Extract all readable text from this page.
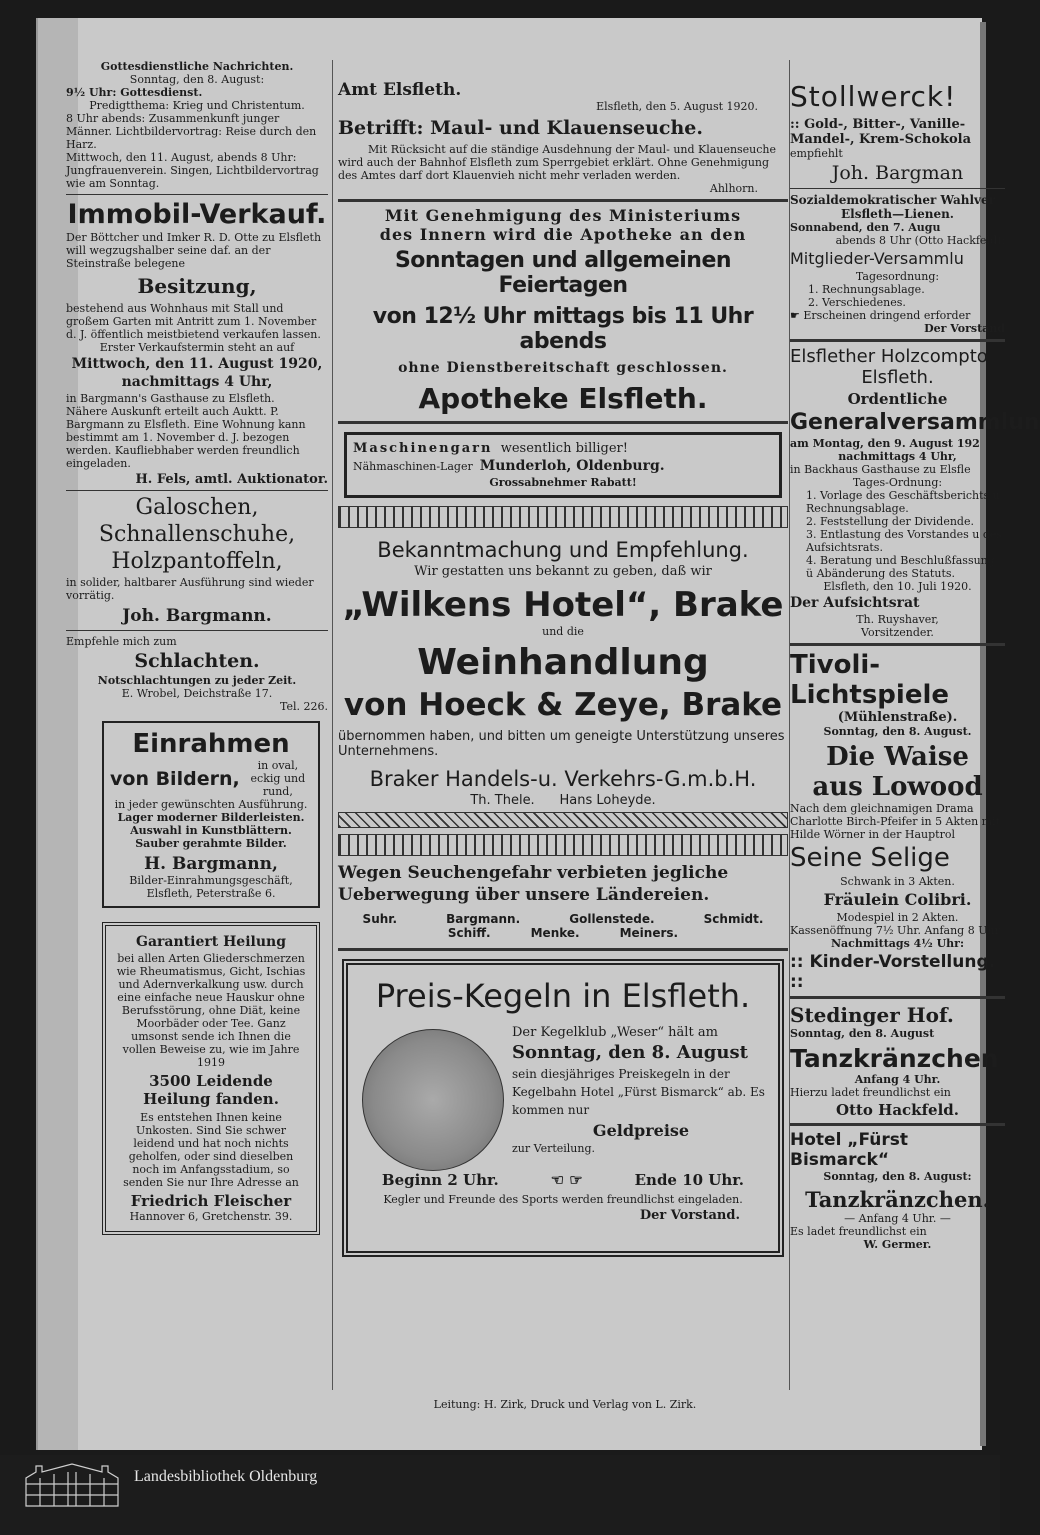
Gottesdienstliche Nachrichten.

Sonntag, den 8. August:

9½ Uhr: Gottesdienst.

Predigtthema: Krieg und Christentum.

8 Uhr abends: Zusammenkunft junger Männer. Lichtbildervortrag: Reise durch den Harz.

Mittwoch, den 11. August, abends 8 Uhr: Jungfrauenverein. Singen, Lichtbildervortrag wie am Sonntag.

Immobil-Verkauf.

Der Böttcher und Imker R. D. Otte zu Elsfleth will wegzugshalber seine daf. an der Steinstraße belegene

Besitzung,

bestehend aus Wohnhaus mit Stall und großem Garten mit Antritt zum 1. November d. J. öffentlich meistbietend verkaufen lassen.

Erster Verkaufstermin steht an auf

Mittwoch, den 11. August 1920,

nachmittags 4 Uhr,

in Bargmann's Gasthause zu Elsfleth.

Nähere Auskunft erteilt auch Auktt. P. Bargmann zu Elsfleth. Eine Wohnung kann bestimmt am 1. November d. J. bezogen werden. Kaufliebhaber werden freundlich eingeladen.

H. Fels, amtl. Auktionator.

Galoschen,

Schnallenschuhe,

Holzpantoffeln,

in solider, haltbarer Ausführung sind wieder vorrätig.

Joh. Bargmann.

Empfehle mich zum

Schlachten.

Notschlachtungen zu jeder Zeit.

E. Wrobel, Deichstraße 17.

Tel. 226.

Einrahmen

von Bildern,
in oval, eckig und rund,

in jeder gewünschten Ausführung.

Lager moderner Bilderleisten.

Auswahl in Kunstblättern.

Sauber gerahmte Bilder.

H. Bargmann,

Bilder-Einrahmungsgeschäft,

Elsfleth, Peterstraße 6.

Garantiert Heilung

bei allen Arten Gliederschmerzen wie Rheumatismus, Gicht, Ischias und Adernverkalkung usw. durch eine einfache neue Hauskur ohne Berufsstörung, ohne Diät, keine Moorbäder oder Tee. Ganz umsonst sende ich Ihnen die vollen Beweise zu, wie im Jahre 1919

3500 Leidende

Heilung fanden.

Es entstehen Ihnen keine Unkosten. Sind Sie schwer leidend und hat noch nichts geholfen, oder sind dieselben noch im Anfangsstadium, so senden Sie nur Ihre Adresse an

Friedrich Fleischer

Hannover 6, Gretchenstr. 39.

Amt Elsfleth.

Elsfleth, den 5. August 1920.

Betrifft: Maul- und Klauenseuche.

Mit Rücksicht auf die ständige Ausdehnung der Maul- und Klauenseuche wird auch der Bahnhof Elsfleth zum Sperrgebiet erklärt. Ohne Genehmigung des Amtes darf dort Klauenvieh nicht mehr verladen werden.

Ahlhorn.

Mit Genehmigung des Ministeriums

des Innern wird die Apotheke an den

Sonntagen und allgemeinen Feiertagen

von 12½ Uhr mittags bis 11 Uhr abends

ohne Dienstbereitschaft geschlossen.

Apotheke Elsfleth.

Maschinengarn wesentlich billiger!

Nähmaschinen-Lager Munderloh, Oldenburg.

Grossabnehmer Rabatt!

Bekanntmachung und Empfehlung.

Wir gestatten uns bekannt zu geben, daß wir

„Wilkens Hotel“, Brake

und die

Weinhandlung

von Hoeck & Zeye, Brake

übernommen haben, und bitten um geneigte Unterstützung unseres Unternehmens.

Braker Handels-u. Verkehrs-G.m.b.H.

Th. Thele. Hans Loheyde.

Wegen Seuchengefahr verbieten jegliche Ueberwegung über unsere Ländereien.

Suhr.	Bargmann.	Gollenstede.	Schmidt.
Schiff.	Menke.	Meiners.

Preis-Kegeln in Elsfleth.

Der Kegelklub „Weser“ hält am

Sonntag, den 8. August

sein diesjähriges Preiskegeln in der Kegelbahn Hotel „Fürst Bismarck“ ab. Es kommen nur

Geldpreise

zur Verteilung.

Beginn 2 Uhr.	☜ ☞	Ende 10 Uhr.

Kegler und Freunde des Sports werden freundlichst eingeladen.

Der Vorstand.

Leitung: H. Zirk, Druck und Verlag von L. Zirk.

Stollwerck!

:: Gold-, Bitter-, Vanille-

Mandel-, Krem-Schokola

empfiehlt

Joh. Bargman

Sozialdemokratischer Wahlver

Elsfleth—Lienen.

Sonnabend, den 7. Augu

abends 8 Uhr (Otto Hackfeld):

Mitglieder-Versammlu

Tagesordnung:

1. Rechnungsablage.

2. Verschiedenes.

☛ Erscheinen dringend erforder

Der Vorstand

Elsflether Holzcompto

Elsfleth.

Ordentliche

Generalversammlun

am Montag, den 9. August 192

nachmittags 4 Uhr,

in Backhaus Gasthause zu Elsfle

Tages-Ordnung:

1. Vorlage des Geschäftsberichts u Rechnungsablage.

2. Feststellung der Dividende.

3. Entlastung des Vorstandes u des Aufsichtsrats.

4. Beratung und Beschlußfassung ü Abänderung des Statuts.

Elsfleth, den 10. Juli 1920.

Der Aufsichtsrat

Th. Ruyshaver,

Vorsitzender.

Tivoli-Lichtspiele

(Mühlenstraße).

Sonntag, den 8. August.

Die Waise

aus Lowood

Nach dem gleichnamigen Drama Charlotte Birch-Pfeifer in 5 Akten mit Hilde Wörner in der Hauptrol

Seine Selige

Schwank in 3 Akten.

Fräulein Colibri.

Modespiel in 2 Akten.

Kassenöffnung 7½ Uhr. Anfang 8 Uhr

Nachmittags 4½ Uhr:

:: Kinder-Vorstellung. ::

Stedinger Hof.

Sonntag, den 8. August

Tanzkränzchen

Anfang 4 Uhr.

Hierzu ladet freundlichst ein

Otto Hackfeld.

Hotel „Fürst Bismarck“

Sonntag, den 8. August:

Tanzkränzchen.

— Anfang 4 Uhr. —

Es ladet freundlichst ein

W. Germer.

Landesbibliothek Oldenburg
